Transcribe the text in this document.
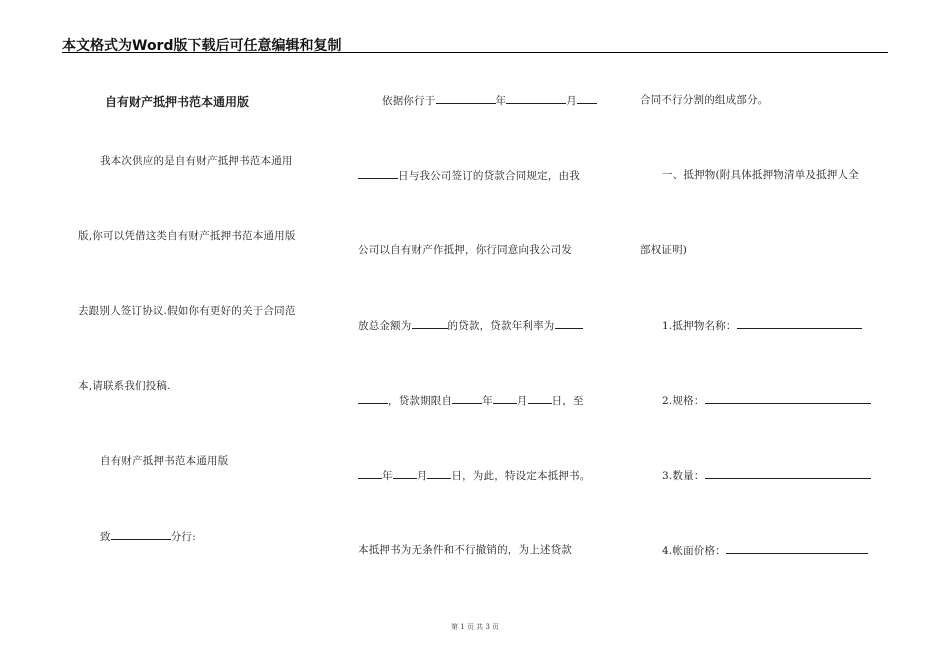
本文格式为Word版下载后可任意编辑和复制
自有财产抵押书范本通用版
我本次供应的是自有财产抵押书范本通用
版,你可以凭借这类自有财产抵押书范本通用版
去跟别人签订协议.假如你有更好的关于合同范
本,请联系我们投稿.
自有财产抵押书范本通用版
致	分行:
依据你行于	年	月
日与我公司签订的贷款合同规定，由我
公司以自有财产作抵押，你行同意向我公司发
放总金额为	的贷款，贷款年利率为
，贷款期限自	年 月 日，至
年 月 日，为此，特设定本抵押书。
本抵押书为无条件和不行撤销的，为上述贷款
合同不行分割的组成部分。
一、抵押物(附具体抵押物清单及抵押人全
部权证明)
1.抵押物名称：
2.规格：
3.数量：
4.帐面价格：
第 1 页 共 3 页
